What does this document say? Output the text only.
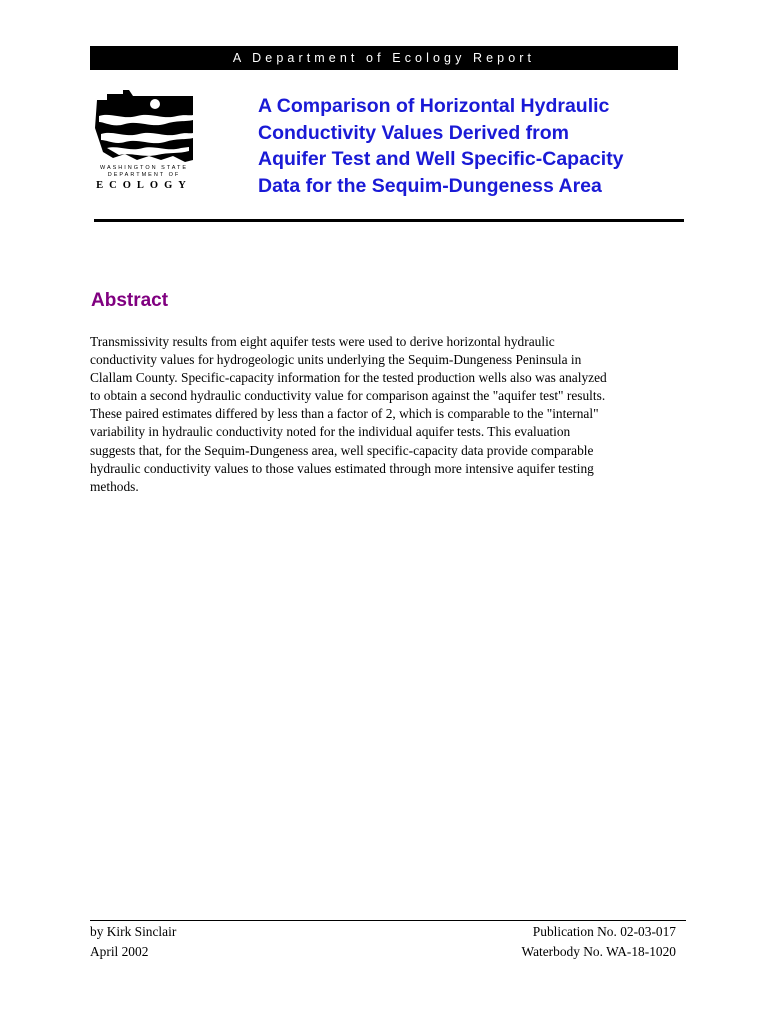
A Department of Ecology Report
WASHINGTON STATE
DEPARTMENT OF
ECOLOGY
A Comparison of Horizontal Hydraulic
Conductivity Values Derived from
Aquifer Test and Well Specific-Capacity
Data for the Sequim-Dungeness Area
Abstract
Transmissivity results from eight aquifer tests were used to derive horizontal hydraulic
conductivity values for hydrogeologic units underlying the Sequim-Dungeness Peninsula in
Clallam County. Specific-capacity information for the tested production wells also was analyzed
to obtain a second hydraulic conductivity value for comparison against the "aquifer test" results.
These paired estimates differed by less than a factor of 2, which is comparable to the "internal"
variability in hydraulic conductivity noted for the individual aquifer tests. This evaluation
suggests that, for the Sequim-Dungeness area, well specific-capacity data provide comparable
hydraulic conductivity values to those values estimated through more intensive aquifer testing
methods.
by Kirk Sinclair
April 2002
Publication No. 02-03-017
Waterbody No. WA-18-1020
